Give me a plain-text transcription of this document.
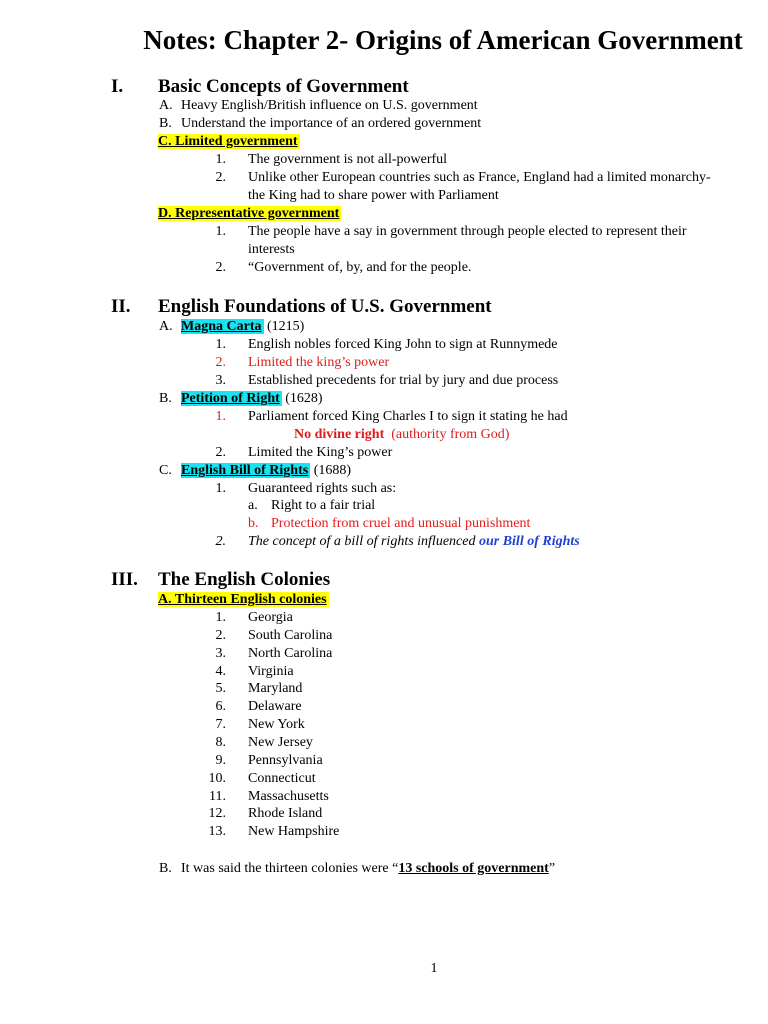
Notes: Chapter 2- Origins of American Government
I. Basic Concepts of Government
A. Heavy English/British influence on U.S. government
B. Understand the importance of an ordered government
C. Limited government
1. The government is not all-powerful
2. Unlike other European countries such as France, England had a limited monarchy-
the King had to share power with Parliament
D. Representative government
1. The people have a say in government through people elected to represent their
interests
2. “Government of, by, and for the people.
II. English Foundations of U.S. Government
A. Magna Carta (1215)
1. English nobles forced King John to sign at Runnymede
2. Limited the king’s power
3. Established precedents for trial by jury and due process
B. Petition of Right (1628)
1. Parliament forced King Charles I to sign it stating he had
No divine right (authority from God)
2. Limited the King’s power
C. English Bill of Rights (1688)
1. Guaranteed rights such as:
a. Right to a fair trial
b. Protection from cruel and unusual punishment
2. The concept of a bill of rights influenced our Bill of Rights
III. The English Colonies
A. Thirteen English colonies
1. Georgia
2. South Carolina
3. North Carolina
4. Virginia
5. Maryland
6. Delaware
7. New York
8. New Jersey
9. Pennsylvania
10. Connecticut
11. Massachusetts
12. Rhode Island
13. New Hampshire
B. It was said the thirteen colonies were “13 schools of government”
1
